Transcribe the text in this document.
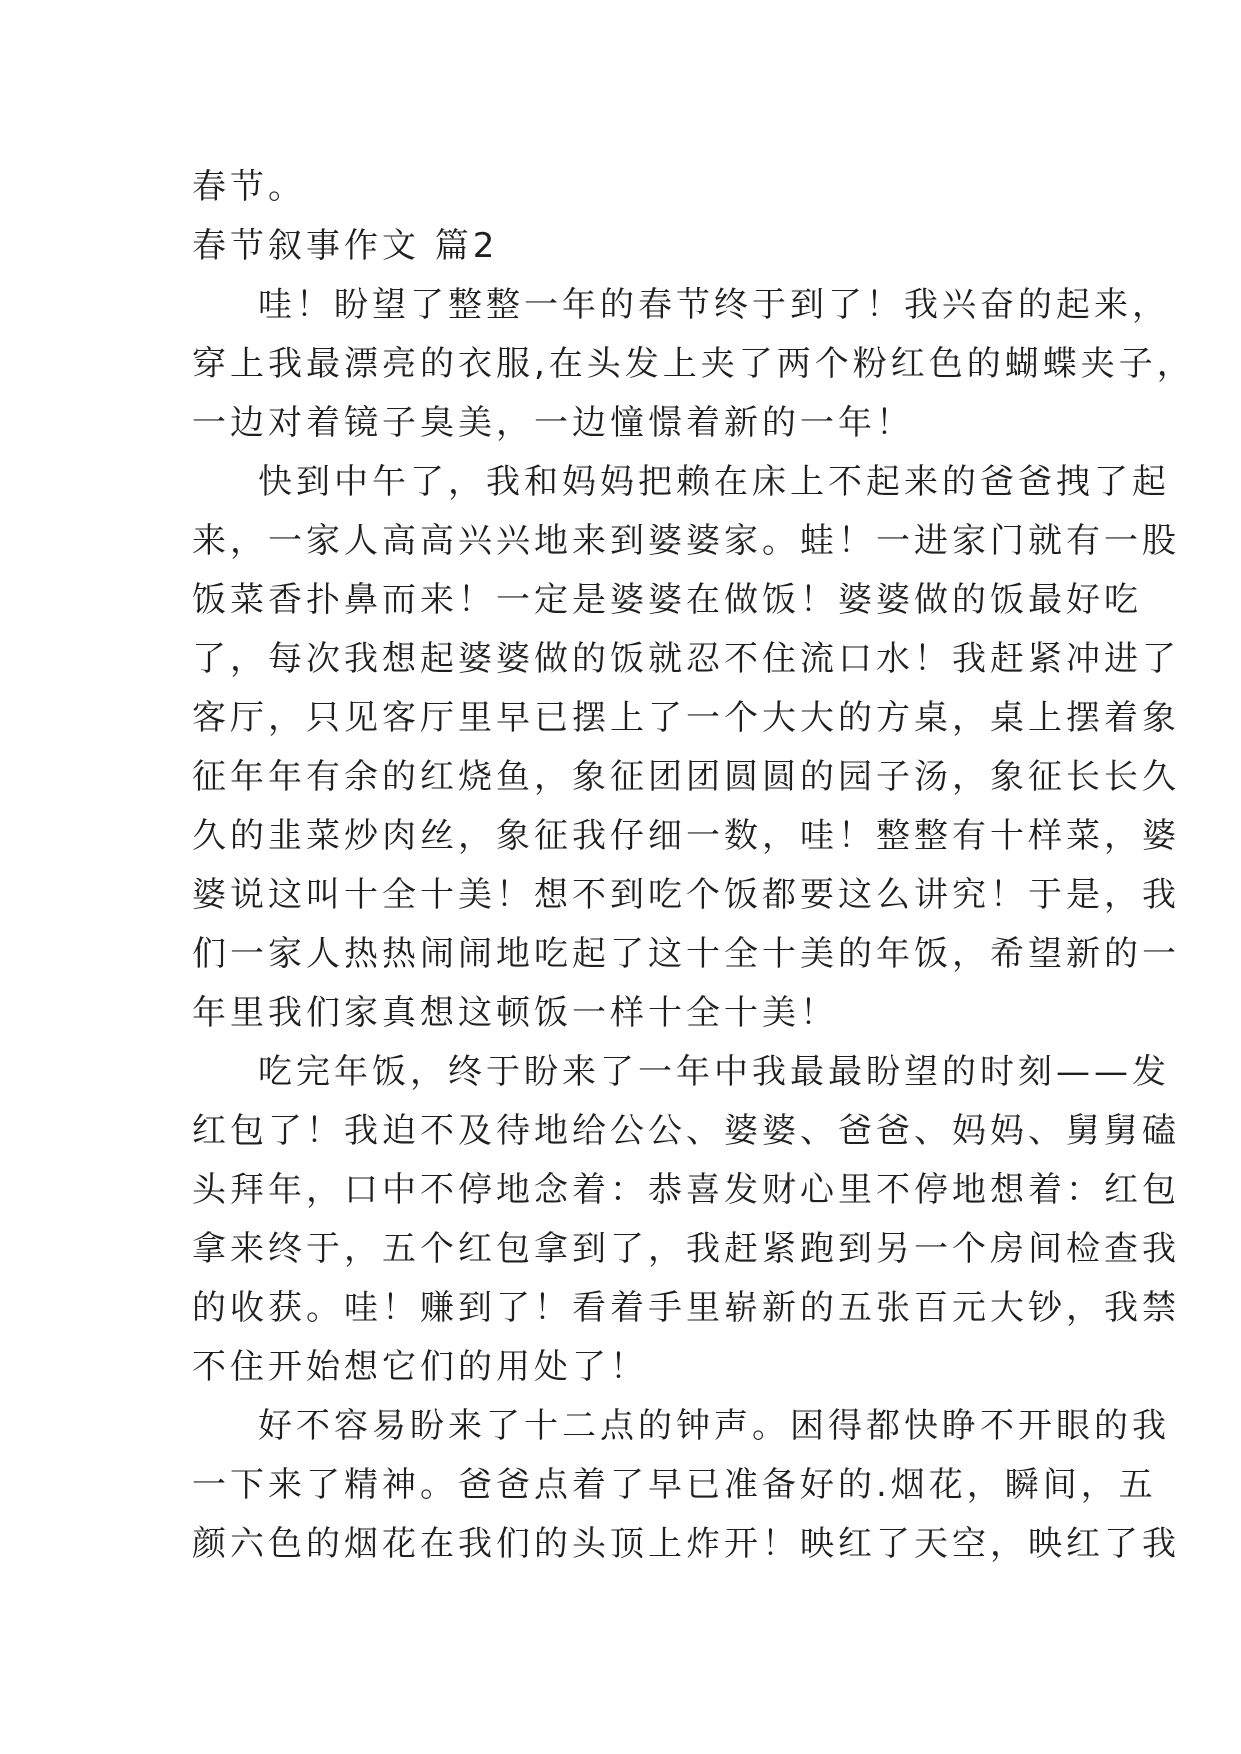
春节。
春节叙事作文 篇2
哇！盼望了整整一年的春节终于到了！我兴奋的起来，
穿上我最漂亮的衣服,在头发上夹了两个粉红色的蝴蝶夹子，
一边对着镜子臭美，一边憧憬着新的一年！
快到中午了，我和妈妈把赖在床上不起来的爸爸拽了起
来，一家人高高兴兴地来到婆婆家。蛙！一进家门就有一股
饭菜香扑鼻而来！一定是婆婆在做饭！婆婆做的饭最好吃
了，每次我想起婆婆做的饭就忍不住流口水！我赶紧冲进了
客厅，只见客厅里早已摆上了一个大大的方桌，桌上摆着象
征年年有余的红烧鱼，象征团团圆圆的园子汤，象征长长久
久的韭菜炒肉丝，象征我仔细一数，哇！整整有十样菜，婆
婆说这叫十全十美！想不到吃个饭都要这么讲究！于是，我
们一家人热热闹闹地吃起了这十全十美的年饭，希望新的一
年里我们家真想这顿饭一样十全十美！
吃完年饭，终于盼来了一年中我最最盼望的时刻——发
红包了！我迫不及待地给公公、婆婆、爸爸、妈妈、舅舅磕
头拜年，口中不停地念着：恭喜发财心里不停地想着：红包
拿来终于，五个红包拿到了，我赶紧跑到另一个房间检查我
的收获。哇！赚到了！看着手里崭新的五张百元大钞，我禁
不住开始想它们的用处了！
好不容易盼来了十二点的钟声。困得都快睁不开眼的我
一下来了精神。爸爸点着了早已准备好的.烟花，瞬间，五
颜六色的烟花在我们的头顶上炸开！映红了天空，映红了我
